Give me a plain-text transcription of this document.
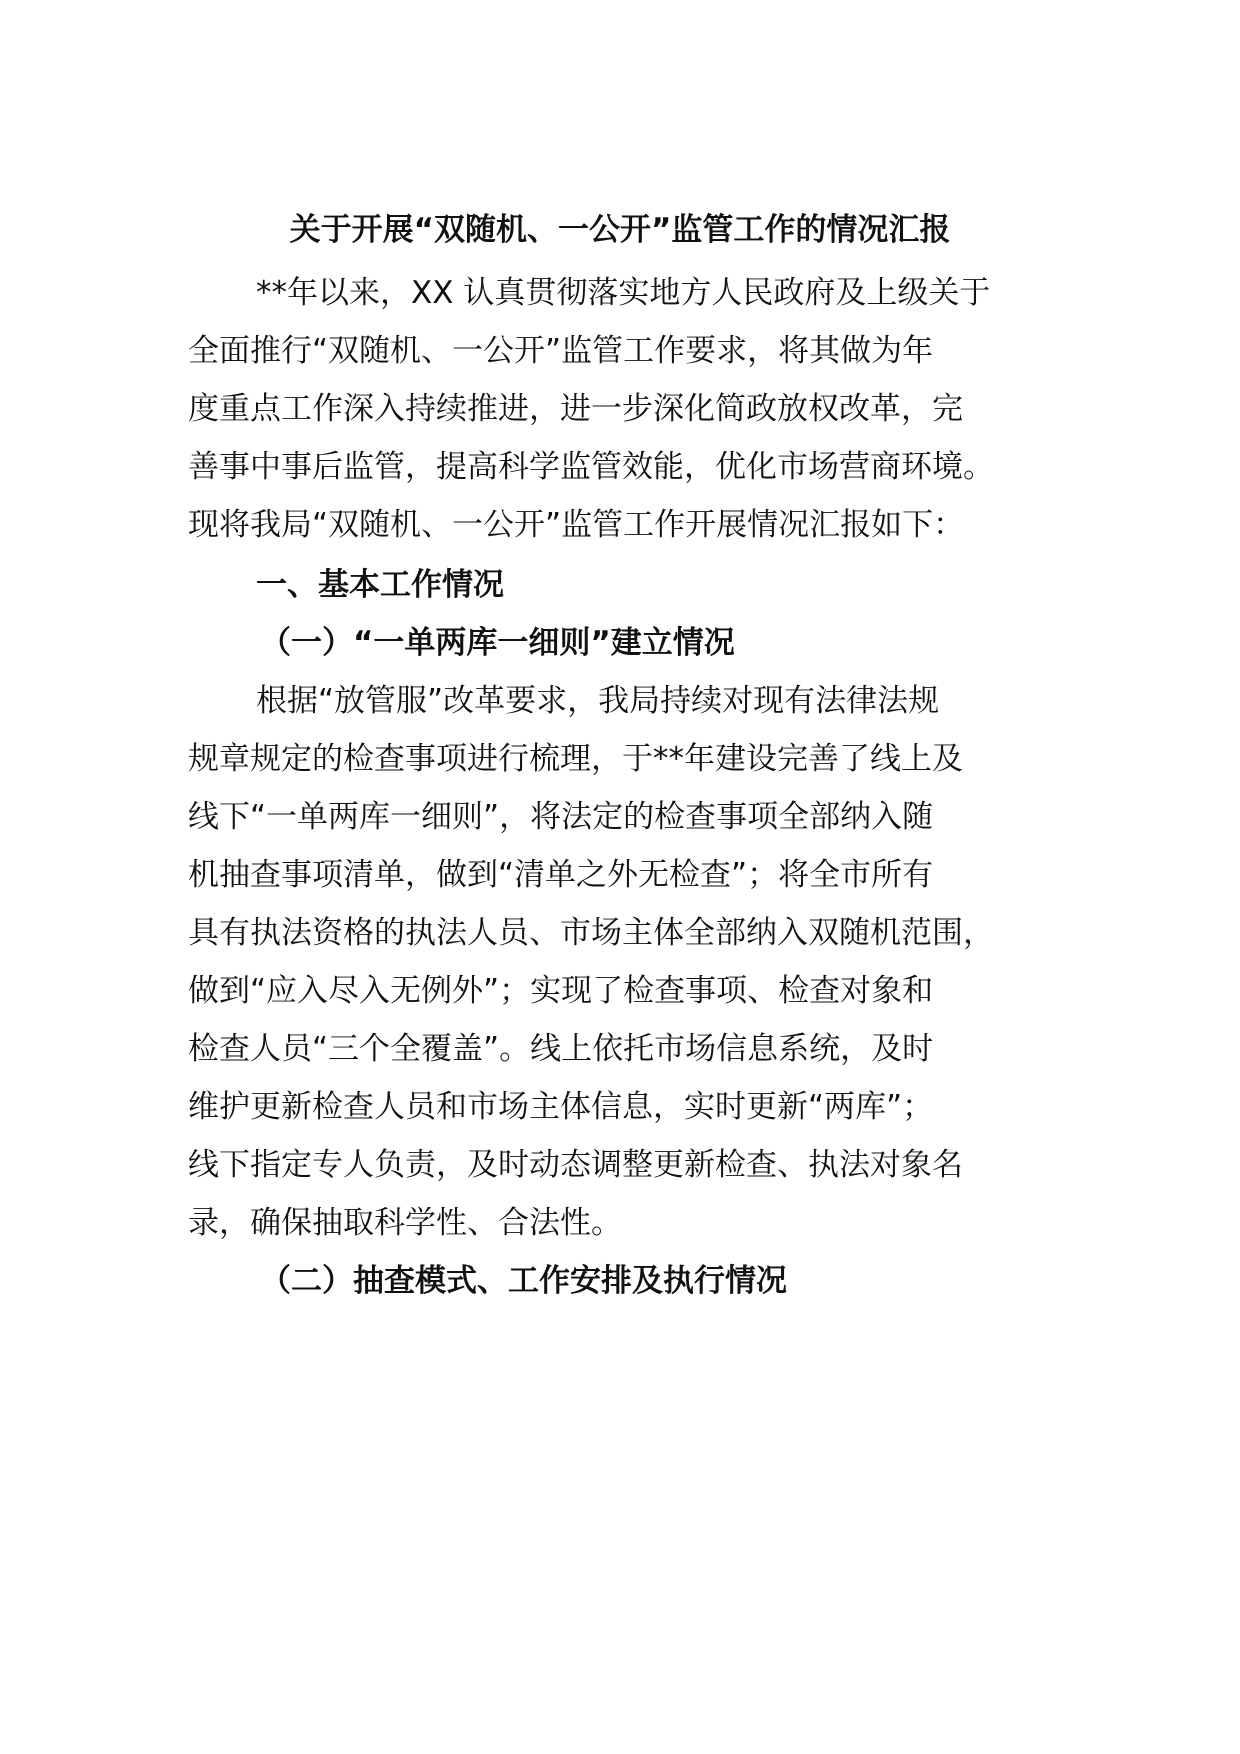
关于开展“双随机、一公开”监管工作的情况汇报
**年以来，XX 认真贯彻落实地方人民政府及上级关于
全面推行“双随机、一公开”监管工作要求，将其做为年
度重点工作深入持续推进，进一步深化简政放权改革，完
善事中事后监管，提高科学监管效能，优化市场营商环境。
现将我局“双随机、一公开”监管工作开展情况汇报如下：
一、基本工作情况
（一）“一单两库一细则”建立情况
根据“放管服”改革要求，我局持续对现有法律法规
规章规定的检查事项进行梳理，于**年建设完善了线上及
线下“一单两库一细则”，将法定的检查事项全部纳入随
机抽查事项清单，做到“清单之外无检查”；将全市所有
具有执法资格的执法人员、市场主体全部纳入双随机范围，
做到“应入尽入无例外”；实现了检查事项、检查对象和
检查人员“三个全覆盖”。线上依托市场信息系统，及时
维护更新检查人员和市场主体信息，实时更新“两库”；
线下指定专人负责，及时动态调整更新检查、执法对象名
录，确保抽取科学性、合法性。
（二）抽查模式、工作安排及执行情况
